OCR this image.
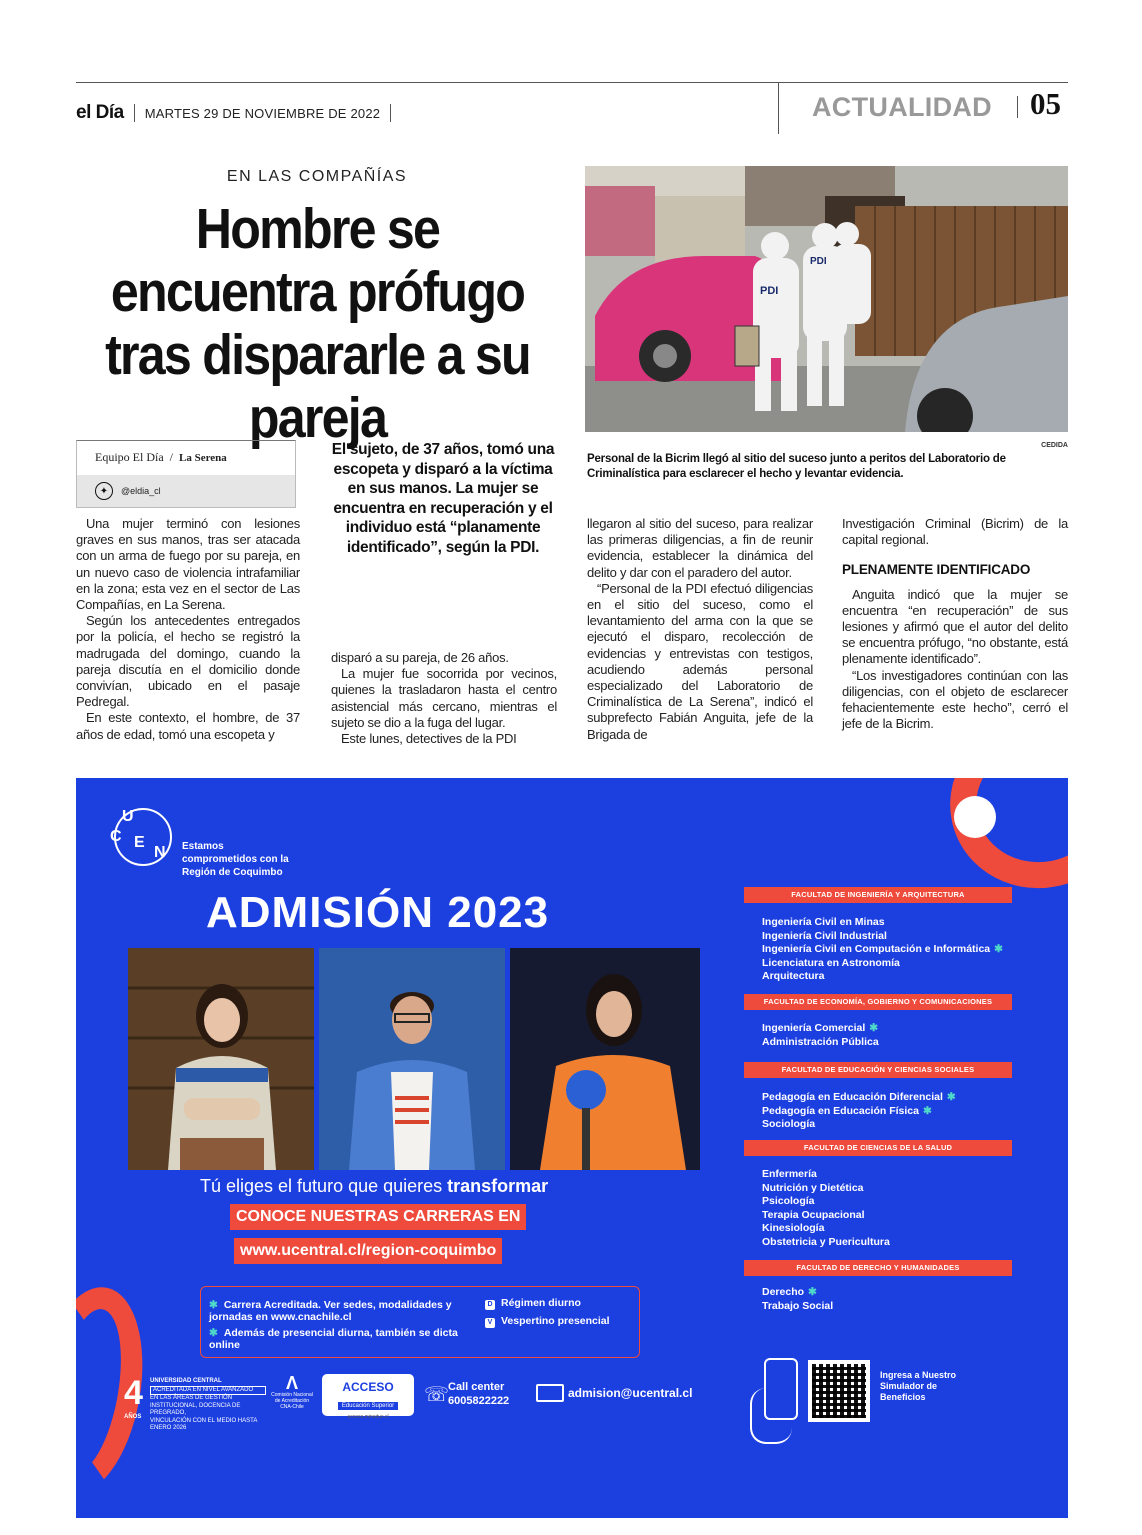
el Día MARTES 29 DE NOVIEMBRE DE 2022	ACTUALIDAD 05
EN LAS COMPAÑÍAS
Hombre se encuentra prófugo tras dispararle a su pareja
PDI
PDI
CEDIDA
Personal de la Bicrim llegó al sitio del suceso junto a peritos del Laboratorio de Criminalística para esclarecer el hecho y levantar evidencia.
Equipo El Día  /  La Serena
✦	@eldia_cl
El sujeto, de 37 años, tomó una escopeta y disparó a la víctima en sus manos. La mujer se encuentra en recuperación y el individuo está “planamente identificado”, según la PDI.

Una mujer terminó con lesiones graves en sus manos, tras ser atacada con un arma de fuego por su pareja, en un nuevo caso de violencia intrafamiliar en la zona; esta vez en el sector de Las Compañías, en La Serena.

Según los antecedentes entregados por la policía, el hecho se registró la madrugada del domingo, cuando la pareja discutía en el domicilio donde convivían, ubicado en el pasaje Pedregal.

En este contexto, el hombre, de 37 años de edad, tomó una escopeta y

disparó a su pareja, de 26 años.

La mujer fue socorrida por vecinos, quienes la trasladaron hasta el centro asistencial más cercano, mientras el sujeto se dio a la fuga del lugar.

Este lunes, detectives de la PDI

llegaron al sitio del suceso, para realizar las primeras diligencias, a fin de reunir evidencia, establecer la dinámica del delito y dar con el paradero del autor.

“Personal de la PDI efectuó diligencias en el sitio del suceso, como el levantamiento del arma con la que se ejecutó el disparo, recolección de evidencias y entrevistas con testigos, acudiendo además personal especializado del Laboratorio de Criminalística de La Serena”, indicó el subprefecto Fabián Anguita, jefe de la Brigada de

Investigación Criminal (Bicrim) de la capital regional.

PLENAMENTE IDENTIFICADO

Anguita indicó que la mujer se encuentra “en recuperación” de sus lesiones y afirmó que el autor del delito se encuentra prófugo, “no obstante, está plenamente identificado”.

“Los investigadores continúan con las diligencias, con el objeto de esclarecer fehacientemente este hecho”, cerró el jefe de la Bicrim.

U
C E
N Estamos
comprometidos con la
Región de Coquimbo
ADMISIÓN 2023
Tú eliges el futuro que quieres transformar
CONOCE NUESTRAS CARRERAS EN
www.ucentral.cl/region-coquimbo
✱ Carrera Acreditada. Ver sedes, modalidades y jornadas en www.cnachile.cl
✱ Además de presencial diurna, también se dicta online
D Régimen diurno
V Vespertino presencial
FACULTAD DE INGENIERÍA Y ARQUITECTURA
Ingeniería Civil en Minas
Ingeniería Civil Industrial
Ingeniería Civil en Computación e Informática ✱
Licenciatura en Astronomía
Arquitectura
FACULTAD DE ECONOMÍA, GOBIERNO Y COMUNICACIONES
Ingeniería Comercial ✱
Administración Pública
FACULTAD DE EDUCACIÓN Y CIENCIAS SOCIALES
Pedagogía en Educación Diferencial ✱
Pedagogía en Educación Física ✱
Sociología
FACULTAD DE CIENCIAS DE LA SALUD
Enfermería
Nutrición y Dietética
Psicología
Terapia Ocupacional
Kinesiología
Obstetricia y Puericultura
FACULTAD DE DERECHO Y HUMANIDADES
Derecho ✱
Trabajo Social
4
AÑOS
UNIVERSIDAD CENTRAL
ACREDITADA EN NIVEL AVANZADO
EN LAS ÁREAS DE GESTIÓN INSTITUCIONAL, DOCENCIA DE PREGRADO,
VINCULACIÓN CON EL MEDIO HASTA ENERO 2026
Λ
Comisión Nacional de Acreditación CNA-Chile
ACCESO
Educación Superior
acceso.mineduc.cl
☏
Call center
6005822222
admision@ucentral.cl
Ingresa a Nuestro
Simulador de
Beneficios
